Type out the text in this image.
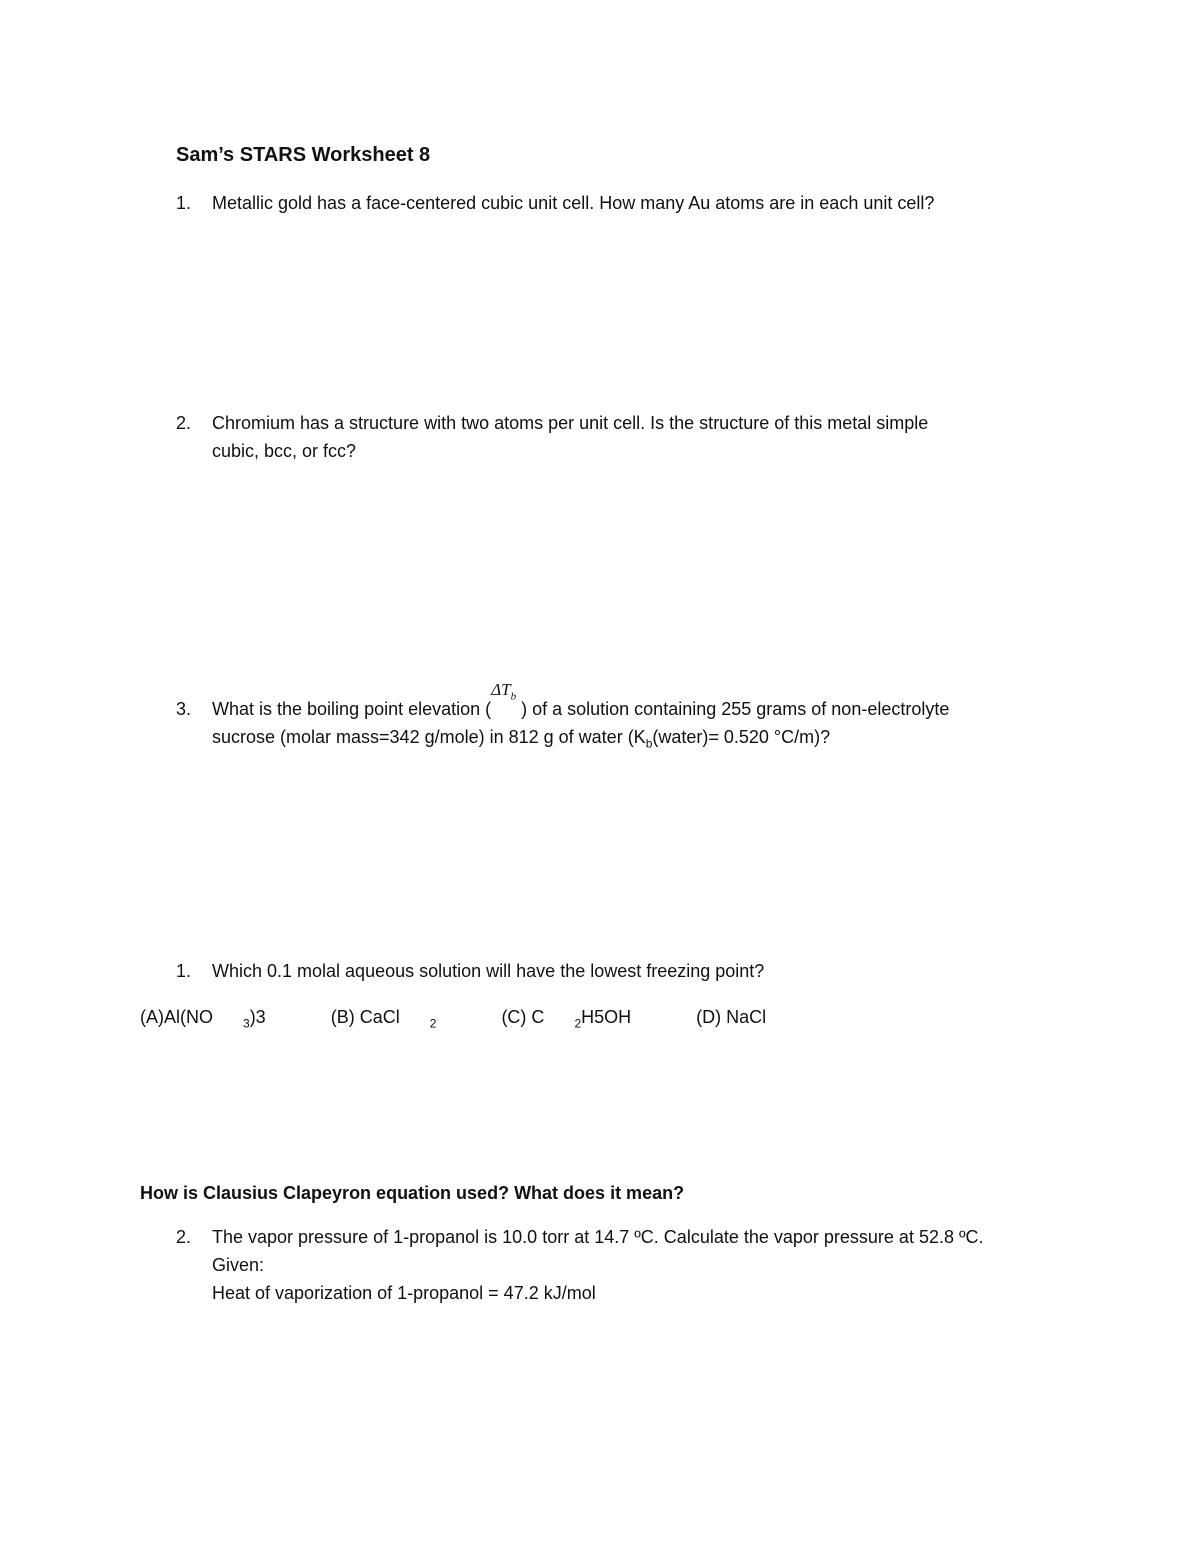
Sam’s STARS Worksheet 8
1. Metallic gold has a face-centered cubic unit cell. How many Au atoms are in each unit cell?
2. Chromium has a structure with two atoms per unit cell. Is the structure of this metal simple
cubic, bcc, or fcc?
3. What is the boiling point elevation ($\Delta T_b$ ) of a solution containing 255 grams of non-electrolyte
sucrose (molar mass=342 g/mole) in 812 g of water ($K_b(water)= 0.520$ °C/m)?
1. Which 0.1 molal aqueous solution will have the lowest freezing point?
(A)Al(NO	$_3$)3	(B) CaCl	$_2$	(C) C	$_2$H5OH	(D) NaCl
How is Clausius Clapeyron equation used? What does it mean?
2. The vapor pressure of 1-propanol is 10.0 torr at 14.7 ºC. Calculate the vapor pressure at 52.8 ºC.
Given:
Heat of vaporization of 1-propanol = 47.2 kJ/mol
